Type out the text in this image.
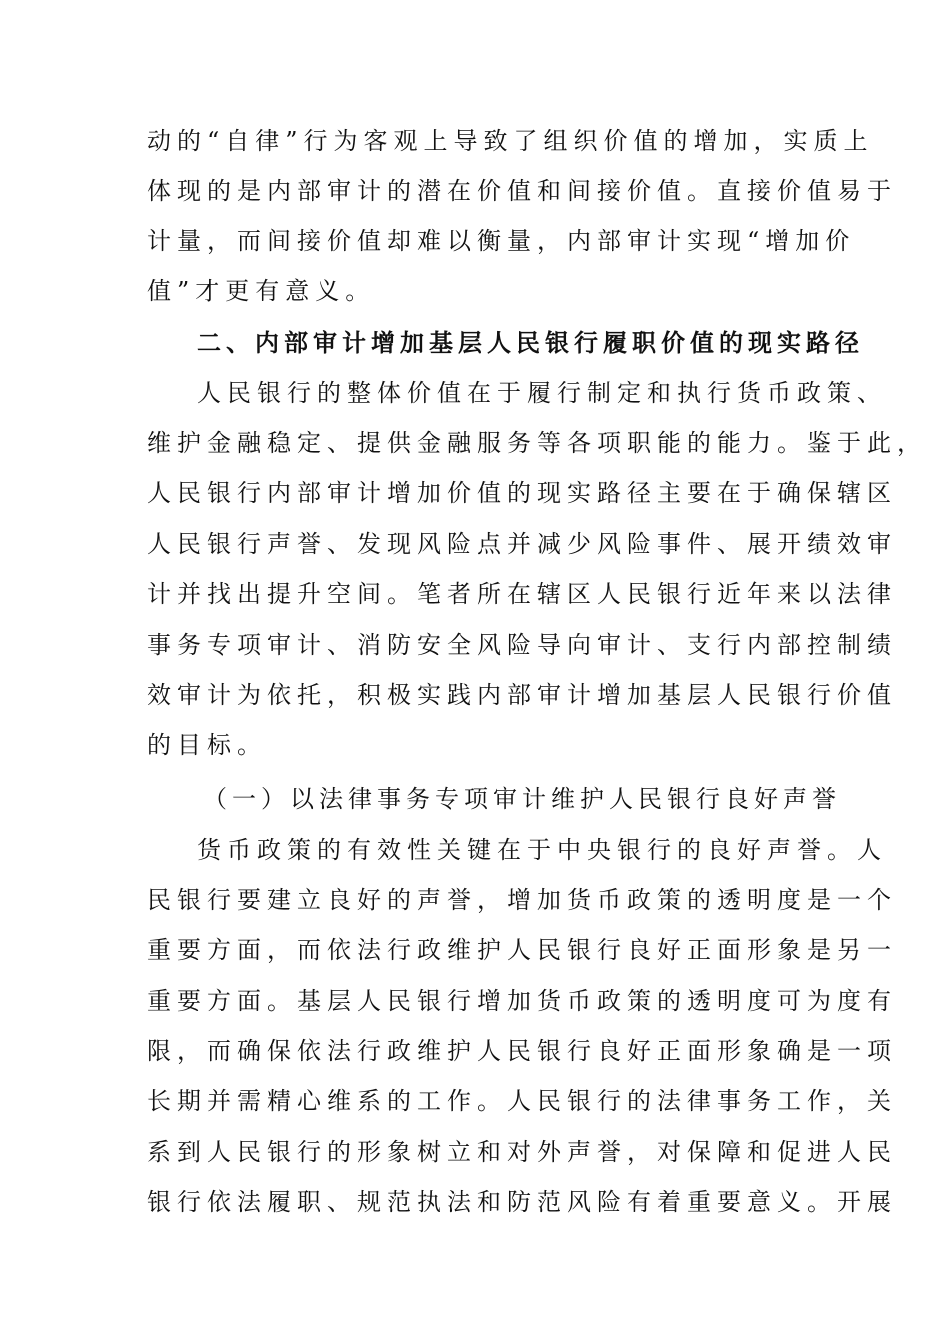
动的“自律”行为客观上导致了组织价值的增加，实质上
体现的是内部审计的潜在价值和间接价值。直接价值易于
计量，而间接价值却难以衡量，内部审计实现“增加价
值”才更有意义。
二、内部审计增加基层人民银行履职价值的现实路径
人民银行的整体价值在于履行制定和执行货币政策、
维护金融稳定、提供金融服务等各项职能的能力。鉴于此，
人民银行内部审计增加价值的现实路径主要在于确保辖区
人民银行声誉、发现风险点并减少风险事件、展开绩效审
计并找出提升空间。笔者所在辖区人民银行近年来以法律
事务专项审计、消防安全风险导向审计、支行内部控制绩
效审计为依托，积极实践内部审计增加基层人民银行价值
的目标。
（一）以法律事务专项审计维护人民银行良好声誉
货币政策的有效性关键在于中央银行的良好声誉。人
民银行要建立良好的声誉，增加货币政策的透明度是一个
重要方面，而依法行政维护人民银行良好正面形象是另一
重要方面。基层人民银行增加货币政策的透明度可为度有
限，而确保依法行政维护人民银行良好正面形象确是一项
长期并需精心维系的工作。人民银行的法律事务工作，关
系到人民银行的形象树立和对外声誉，对保障和促进人民
银行依法履职、规范执法和防范风险有着重要意义。开展
